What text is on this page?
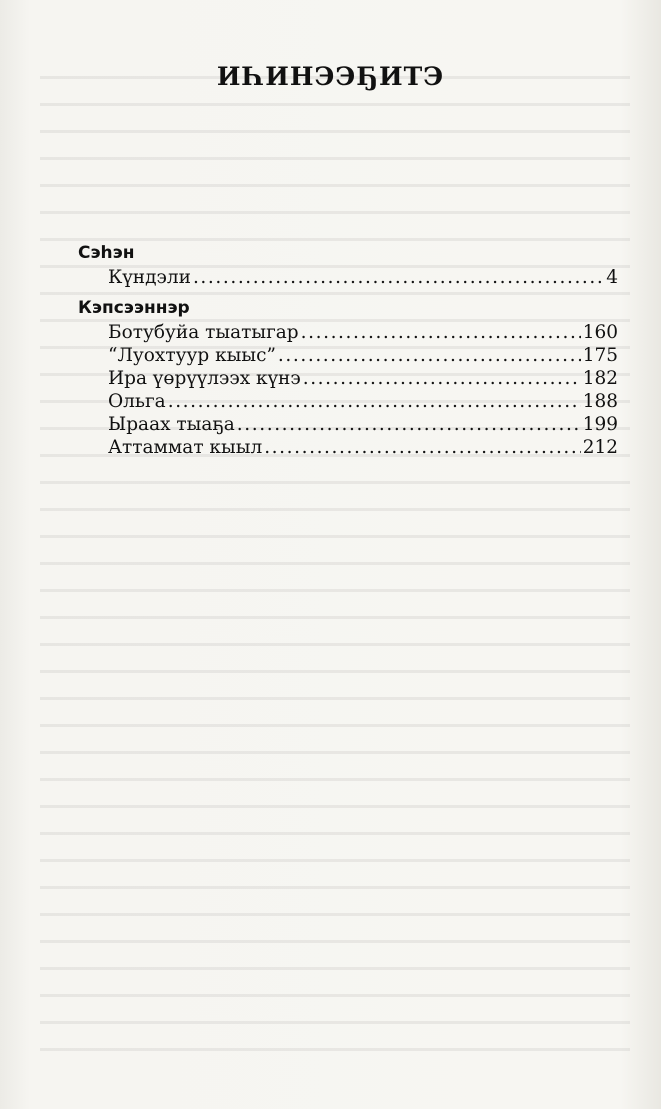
ИҺИНЭЭҔИТЭ
Сэһэн
Күндэли .....	4
Кэпсээннэр
Ботубуйа тыатыгар .....	160
“Луохтуур кыыс” .....	175
Ира үөрүүлээх күнэ .....	182
Ольга .....	188
Ыраах тыаҕа .....	199
Аттаммат кыыл .....	212
